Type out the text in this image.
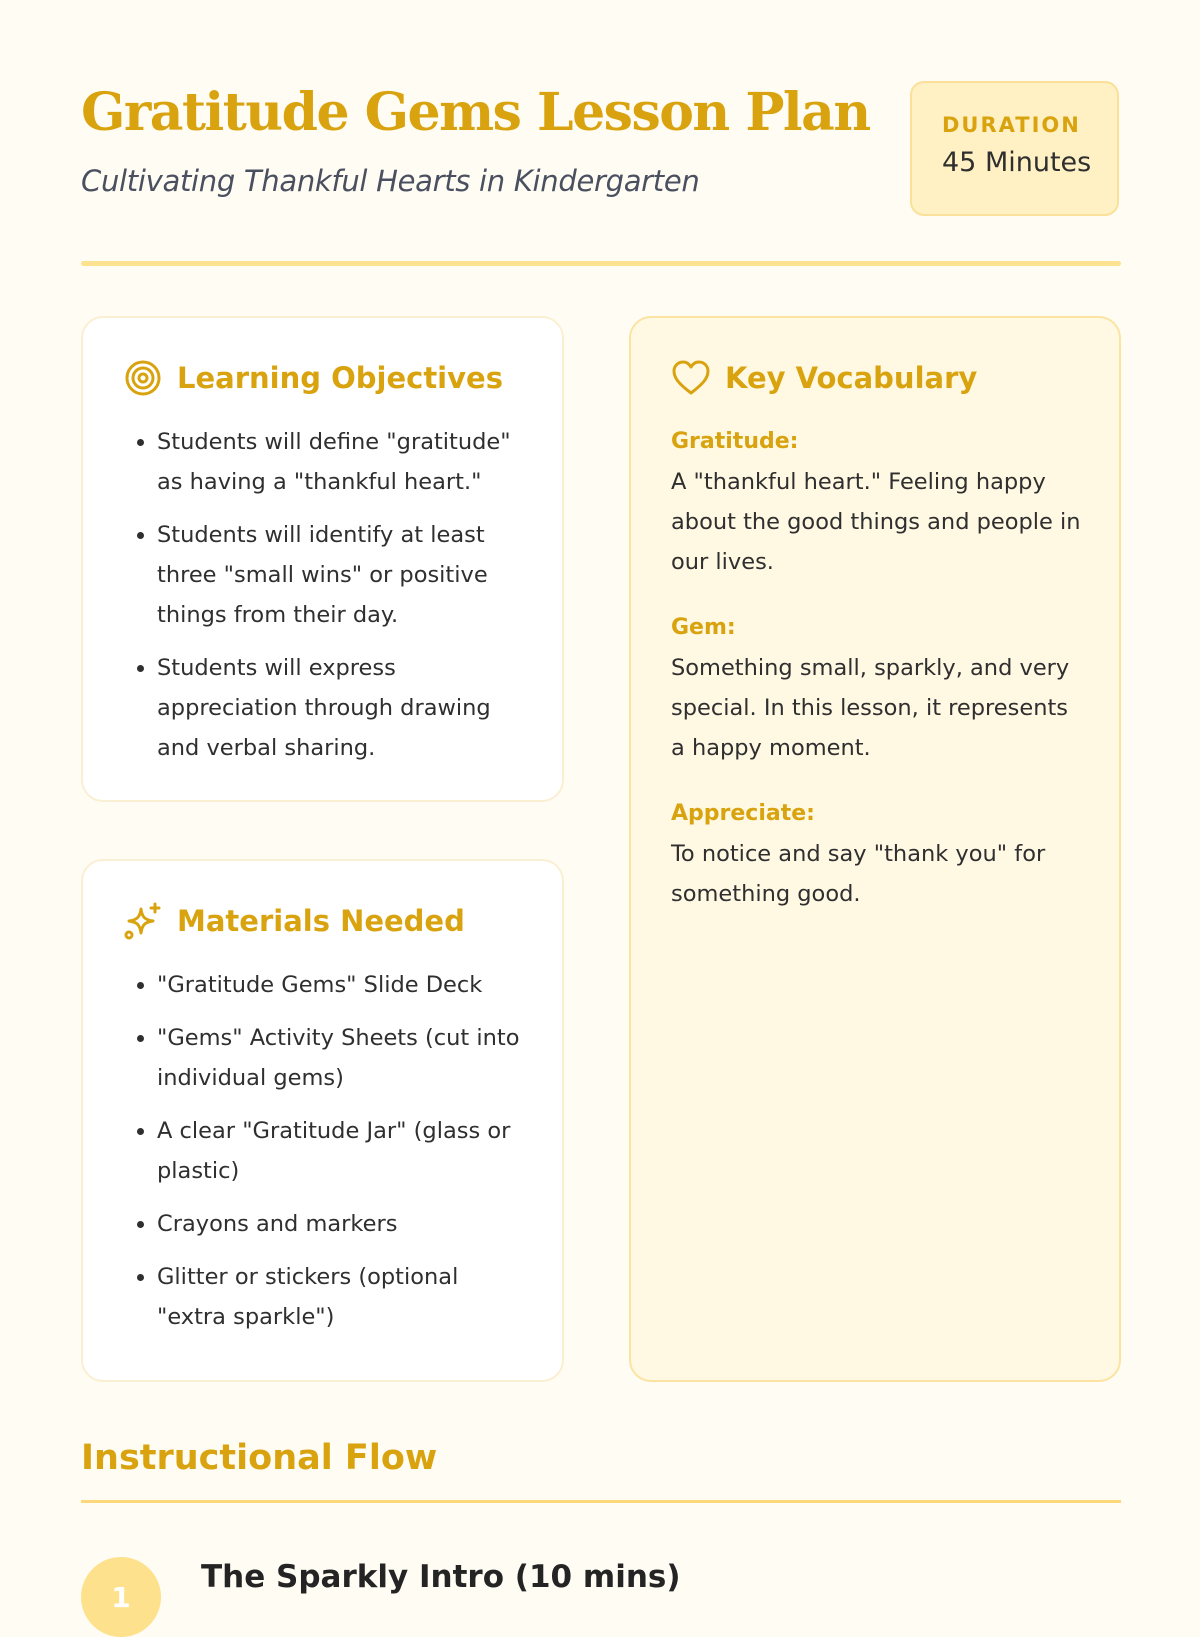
Gratitude Gems Lesson Plan
Cultivating Thankful Hearts in Kindergarten
DURATION
45 Minutes
Learning Objectives
• Students will define "gratitude" as having a "thankful heart."
• Students will identify at least three "small wins" or positive things from their day.
• Students will express appreciation through drawing and verbal sharing.
Materials Needed
• "Gratitude Gems" Slide Deck
• "Gems" Activity Sheets (cut into individual gems)
• A clear "Gratitude Jar" (glass or plastic)
• Crayons and markers
• Glitter or stickers (optional "extra sparkle")
Key Vocabulary
Gratitude:
A "thankful heart." Feeling happy about the good things and people in our lives.
Gem:
Something small, sparkly, and very special. In this lesson, it represents a happy moment.
Appreciate:
To notice and say "thank you" for something good.
Instructional Flow
1
The Sparkly Intro (10 mins)
